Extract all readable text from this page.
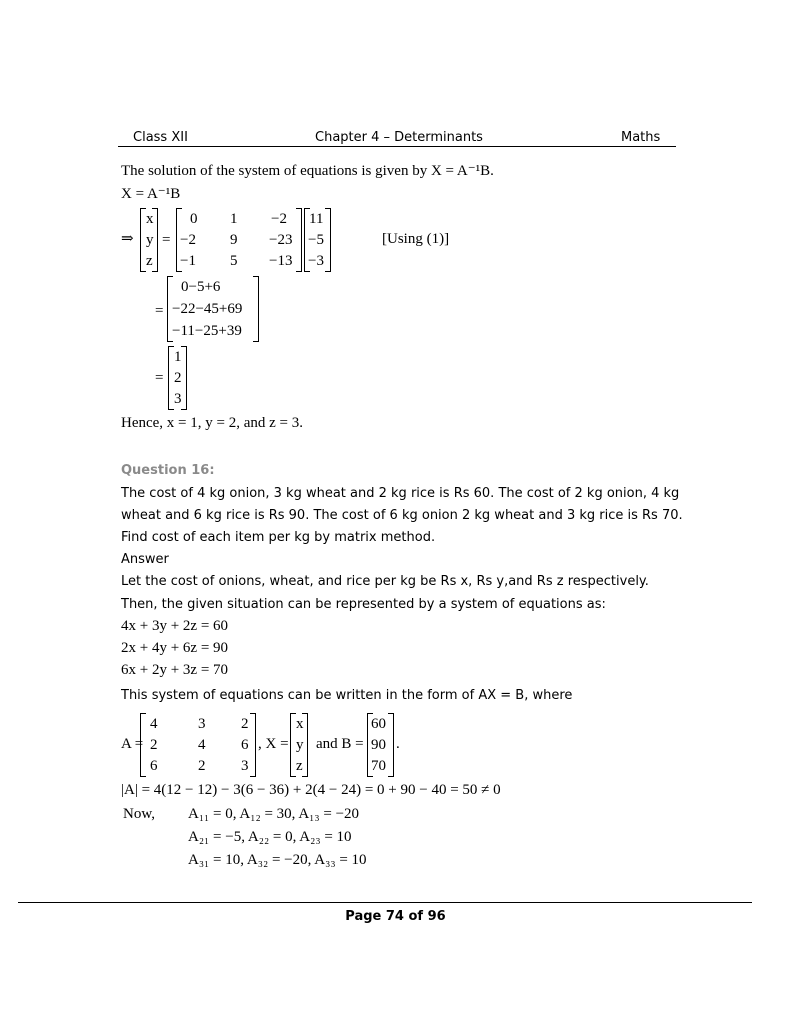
Class XII	Chapter 4 – Determinants	Maths
The solution of the system of equations is given by X = A⁻¹B.
X = A⁻¹B
⇒
x
y
z
=
0 1 −2
−2 9 −23
−1 5 −13
11
−5
−3
[Using (1)]
=
0−5+6
−22−45+69
−11−25+39
=
1
2
3
Hence, x = 1, y = 2, and z = 3.
Question 16:
The cost of 4 kg onion, 3 kg wheat and 2 kg rice is Rs 60. The cost of 2 kg onion, 4 kg
wheat and 6 kg rice is Rs 90. The cost of 6 kg onion 2 kg wheat and 3 kg rice is Rs 70.
Find cost of each item per kg by matrix method.
Answer
Let the cost of onions, wheat, and rice per kg be Rs x, Rs y,and Rs z respectively.
Then, the given situation can be represented by a system of equations as:
4x + 3y + 2z = 60
2x + 4y + 6z = 90
6x + 2y + 3z = 70
This system of equations can be written in the form of AX = B, where
A =
4	3 2
2	4 6
6	2 3
, X =
x
y
z
and B =
60
90
70
.
|A| = 4(12 − 12) − 3(6 − 36) + 2(4 − 24) = 0 + 90 − 40 = 50 ≠ 0
Now, A₁₁ = 0, A₁₂ = 30, A₁₃ = −20
A₂₁ = −5, A₂₂ = 0, A₂₃ = 10
A₃₁ = 10, A₃₂ = −20, A₃₃ = 10
Page 74 of 96
